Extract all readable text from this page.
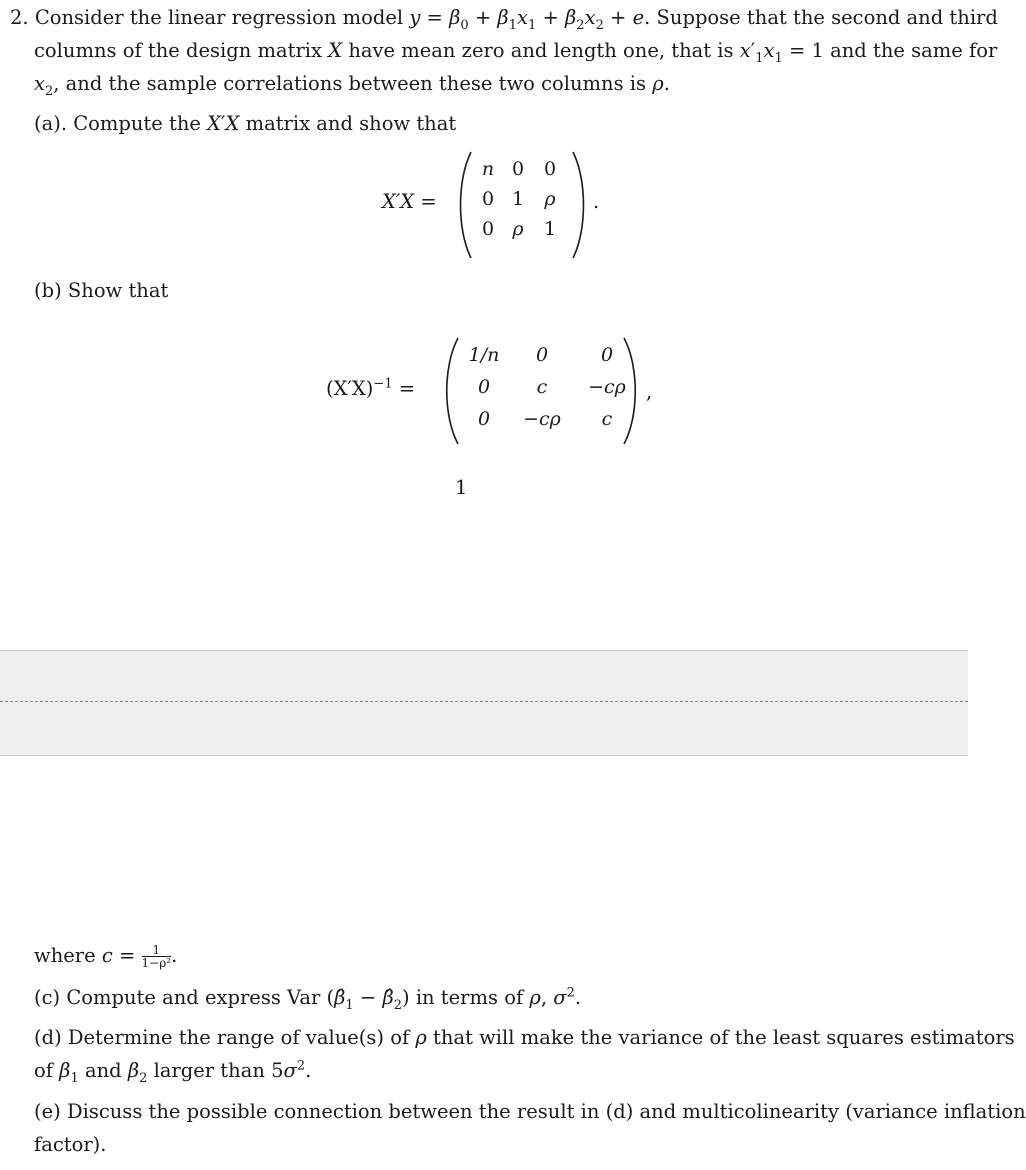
2. Consider the linear regression model $y = \beta_0 + \beta_1x_1 + \beta_2x_2 + e$. Suppose that the second and third
columns of the design matrix X have mean zero and length one, that is $x'_1x_1 = 1$ and the same for
$x_2$, and the sample correlations between these two columns is ρ.
(a). Compute the X′X matrix and show that
X′X =
n 0	0
0 1	ρ
0 ρ	1
.
(b) Show that
$(X'X)^{-1}$ =
1/n	0	0
0	c	−cρ
0	−cρ	c
,
1
where $c = \frac{1}{\text{1−ρ²}}$ .
(c) Compute and express Var ($\betâ_1$ − $\betâ_2$) in terms of ρ, $\sigma^2$.
(d) Determine the range of value(s) of ρ that will make the variance of the least squares estimators
of $\beta_1$ and $\beta_2$ larger than $5\sigma^2$.
(e) Discuss the possible connection between the result in (d) and multicolinearity (variance inflation
factor).
